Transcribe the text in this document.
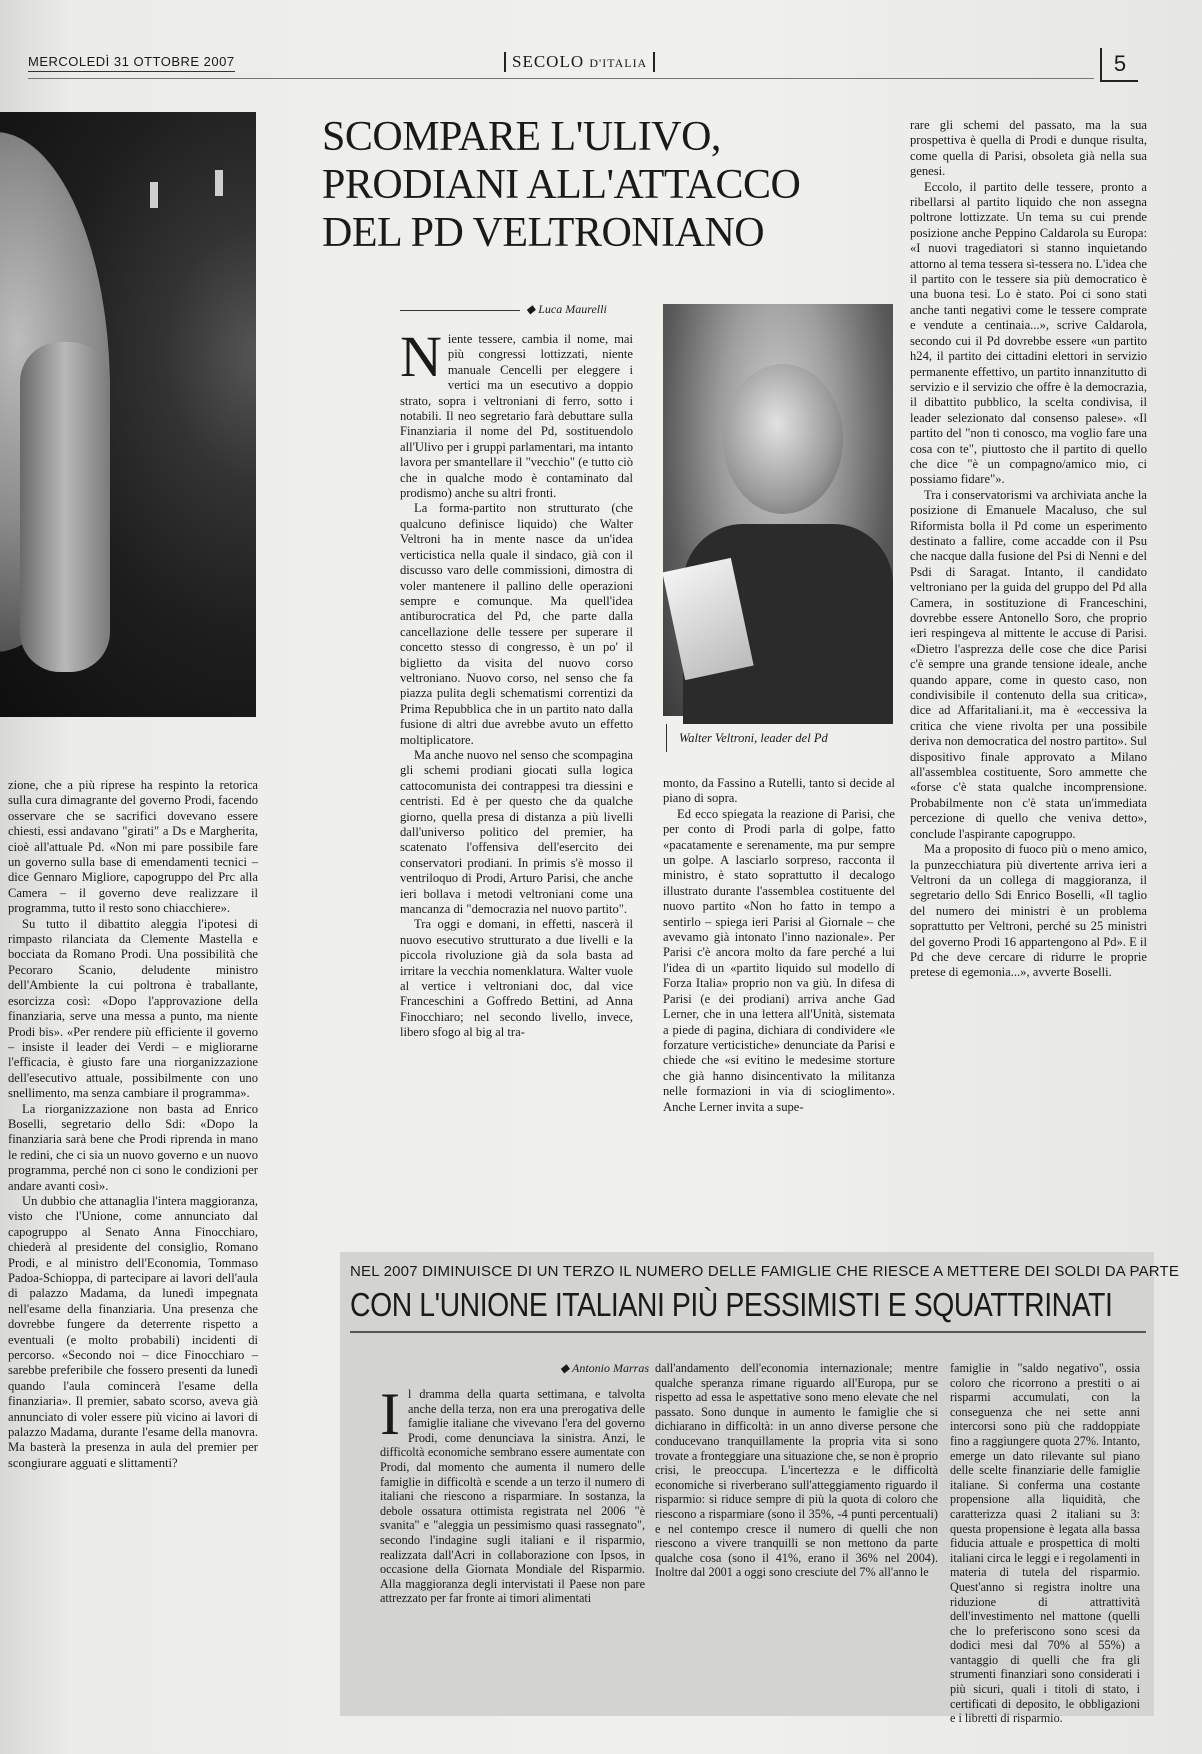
MERCOLEDÌ 31 OTTOBRE 2007	SECOLO D'ITALIA	5
SCOMPARE L'ULIVO,
PRODIANI ALL'ATTACCO
DEL PD VELTRONIANO
◆ Luca Maurelli
N iente tessere, cambia il nome, mai più congressi lottizzati, niente manuale Cencelli per eleggere i vertici ma un esecutivo a doppio strato, sopra i veltroniani di ferro, sotto i notabili. Il neo segretario farà debuttare sulla Finanziaria il nome del Pd, sostituendolo all'Ulivo per i gruppi parlamentari, ma intanto lavora per smantellare il "vecchio" (e tutto ciò che in qualche modo è contaminato dal prodismo) anche su altri fronti.

La forma-partito non strutturato (che qualcuno definisce liquido) che Walter Veltroni ha in mente nasce da un'idea verticistica nella quale il sindaco, già con il discusso varo delle commissioni, dimostra di voler mantenere il pallino delle operazioni sempre e comunque. Ma quell'idea antiburocratica del Pd, che parte dalla cancellazione delle tessere per superare il concetto stesso di congresso, è un po' il biglietto da visita del nuovo corso veltroniano. Nuovo corso, nel senso che fa piazza pulita degli schematismi correntizi da Prima Repubblica che in un partito nato dalla fusione di altri due avrebbe avuto un effetto moltiplicatore.

Ma anche nuovo nel senso che scompagina gli schemi prodiani giocati sulla logica cattocomunista dei contrappesi tra diessini e centristi. Ed è per questo che da qualche giorno, quella presa di distanza a più livelli dall'universo politico del premier, ha scatenato l'offensiva dell'esercito dei conservatori prodiani. In primis s'è mosso il ventriloquo di Prodi, Arturo Parisi, che anche ieri bollava i metodi veltroniani come una mancanza di "democrazia nel nuovo partito".

Tra oggi e domani, in effetti, nascerà il nuovo esecutivo strutturato a due livelli e la piccola rivoluzione già da sola basta ad irritare la vecchia nomenklatura. Walter vuole al vertice i veltroniani doc, dal vice Franceschini a Goffredo Bettini, ad Anna Finocchiaro; nel secondo livello, invece, libero sfogo al big al tra-

Walter Veltroni, leader del Pd

monto, da Fassino a Rutelli, tanto si decide al piano di sopra.

Ed ecco spiegata la reazione di Parisi, che per conto di Prodi parla di golpe, fatto «pacatamente e serenamente, ma pur sempre un golpe. A lasciarlo sorpreso, racconta il ministro, è stato soprattutto il decalogo illustrato durante l'assemblea costituente del nuovo partito «Non ho fatto in tempo a sentirlo – spiega ieri Parisi al Giornale – che avevamo già intonato l'inno nazionale». Per Parisi c'è ancora molto da fare perché a lui l'idea di un «partito liquido sul modello di Forza Italia» proprio non va giù. In difesa di Parisi (e dei prodiani) arriva anche Gad Lerner, che in una lettera all'Unità, sistemata a piede di pagina, dichiara di condividere «le forzature verticistiche» denunciate da Parisi e chiede che «si evitino le medesime storture che già hanno disincentivato la militanza nelle formazioni in via di scioglimento». Anche Lerner invita a supe-

rare gli schemi del passato, ma la sua prospettiva è quella di Prodi e dunque risulta, come quella di Parisi, obsoleta già nella sua genesi.

Eccolo, il partito delle tessere, pronto a ribellarsi al partito liquido che non assegna poltrone lottizzate. Un tema su cui prende posizione anche Peppino Caldarola su Europa: «I nuovi tragediatori si stanno inquietando attorno al tema tessera sì-tessera no. L'idea che il partito con le tessere sia più democratico è una buona tesi. Lo è stato. Poi ci sono stati anche tanti negativi come le tessere comprate e vendute a centinaia...», scrive Caldarola, secondo cui il Pd dovrebbe essere «un partito h24, il partito dei cittadini elettori in servizio permanente effettivo, un partito innanzitutto di servizio e il servizio che offre è la democrazia, il dibattito pubblico, la scelta condivisa, il leader selezionato dal consenso palese». «Il partito del "non ti conosco, ma voglio fare una cosa con te", piuttosto che il partito di quello che dice "è un compagno/amico mio, ci possiamo fidare"».

Tra i conservatorismi va archiviata anche la posizione di Emanuele Macaluso, che sul Riformista bolla il Pd come un esperimento destinato a fallire, come accadde con il Psu che nacque dalla fusione del Psi di Nenni e del Psdi di Saragat. Intanto, il candidato veltroniano per la guida del gruppo del Pd alla Camera, in sostituzione di Franceschini, dovrebbe essere Antonello Soro, che proprio ieri respingeva al mittente le accuse di Parisi. «Dietro l'asprezza delle cose che dice Parisi c'è sempre una grande tensione ideale, anche quando appare, come in questo caso, non condivisibile il contenuto della sua critica», dice ad Affaritaliani.it, ma è «eccessiva la critica che viene rivolta per una possibile deriva non democratica del nostro partito». Sul dispositivo finale approvato a Milano all'assemblea costituente, Soro ammette che «forse c'è stata qualche incomprensione. Probabilmente non c'è stata un'immediata percezione di quello che veniva detto», conclude l'aspirante capogruppo.

Ma a proposito di fuoco più o meno amico, la punzecchiatura più divertente arriva ieri a Veltroni da un collega di maggioranza, il segretario dello Sdi Enrico Boselli, «Il taglio del numero dei ministri è un problema soprattutto per Veltroni, perché su 25 ministri del governo Prodi 16 appartengono al Pd». E il Pd che deve cercare di ridurre le proprie pretese di egemonia...», avverte Boselli.

zione, che a più riprese ha respinto la retorica sulla cura dimagrante del governo Prodi, facendo osservare che se sacrifici dovevano essere chiesti, essi andavano "girati" a Ds e Margherita, cioè all'attuale Pd. «Non mi pare possibile fare un governo sulla base di emendamenti tecnici – dice Gennaro Migliore, capogruppo del Prc alla Camera – il governo deve realizzare il programma, tutto il resto sono chiacchiere».

Su tutto il dibattito aleggia l'ipotesi di rimpasto rilanciata da Clemente Mastella e bocciata da Romano Prodi. Una possibilità che Pecoraro Scanio, deludente ministro dell'Ambiente la cui poltrona è traballante, esorcizza così: «Dopo l'approvazione della finanziaria, serve una messa a punto, ma niente Prodi bis». «Per rendere più efficiente il governo – insiste il leader dei Verdi – e migliorarne l'efficacia, è giusto fare una riorganizzazione dell'esecutivo attuale, possibilmente con uno snellimento, ma senza cambiare il programma».

La riorganizzazione non basta ad Enrico Boselli, segretario dello Sdi: «Dopo la finanziaria sarà bene che Prodi riprenda in mano le redini, che ci sia un nuovo governo e un nuovo programma, perché non ci sono le condizioni per andare avanti così».

Un dubbio che attanaglia l'intera maggioranza, visto che l'Unione, come annunciato dal capogruppo al Senato Anna Finocchiaro, chiederà al presidente del consiglio, Romano Prodi, e al ministro dell'Economia, Tommaso Padoa-Schioppa, di partecipare ai lavori dell'aula di palazzo Madama, da lunedì impegnata nell'esame della finanziaria. Una presenza che dovrebbe fungere da deterrente rispetto a eventuali (e molto probabili) incidenti di percorso. «Secondo noi – dice Finocchiaro – sarebbe preferibile che fossero presenti da lunedì quando l'aula comincerà l'esame della finanziaria». Il premier, sabato scorso, aveva già annunciato di voler essere più vicino ai lavori di palazzo Madama, durante l'esame della manovra. Ma basterà la presenza in aula del premier per scongiurare agguati e slittamenti?

NEL 2007 DIMINUISCE DI UN TERZO IL NUMERO DELLE FAMIGLIE CHE RIESCE A METTERE DEI SOLDI DA PARTE
CON L'UNIONE ITALIANI PIÙ PESSIMISTI E SQUATTRINATI
◆ Antonio Marras
I l dramma della quarta settimana, e talvolta anche della terza, non era una prerogativa delle famiglie italiane che vivevano l'era del governo Prodi, come denunciava la sinistra. Anzi, le difficoltà economiche sembrano essere aumentate con Prodi, dal momento che aumenta il numero delle famiglie in difficoltà e scende a un terzo il numero di italiani che riescono a risparmiare. In sostanza, la debole ossatura ottimista registrata nel 2006 "è svanita" e "aleggia un pessimismo quasi rassegnato", secondo l'indagine sugli italiani e il risparmio, realizzata dall'Acri in collaborazione con Ipsos, in occasione della Giornata Mondiale del Risparmio. Alla maggioranza degli intervistati il Paese non pare attrezzato per far fronte ai timori alimentati

dall'andamento dell'economia internazionale; mentre qualche speranza rimane riguardo all'Europa, pur se rispetto ad essa le aspettative sono meno elevate che nel passato. Sono dunque in aumento le famiglie che si dichiarano in difficoltà: in un anno diverse persone che conducevano tranquillamente la propria vita si sono trovate a fronteggiare una situazione che, se non è proprio crisi, le preoccupa. L'incertezza e le difficoltà economiche si riverberano sull'atteggiamento riguardo il risparmio: si riduce sempre di più la quota di coloro che riescono a risparmiare (sono il 35%, -4 punti percentuali) e nel contempo cresce il numero di quelli che non riescono a vivere tranquilli se non mettono da parte qualche cosa (sono il 41%, erano il 36% nel 2004). Inoltre dal 2001 a oggi sono cresciute del 7% all'anno le

famiglie in "saldo negativo", ossia coloro che ricorrono a prestiti o ai risparmi accumulati, con la conseguenza che nei sette anni intercorsi sono più che raddoppiate fino a raggiungere quota 27%. Intanto, emerge un dato rilevante sul piano delle scelte finanziarie delle famiglie italiane. Si conferma una costante propensione alla liquidità, che caratterizza quasi 2 italiani su 3: questa propensione è legata alla bassa fiducia attuale e prospettica di molti italiani circa le leggi e i regolamenti in materia di tutela del risparmio. Quest'anno si registra inoltre una riduzione di attrattività dell'investimento nel mattone (quelli che lo preferiscono sono scesi da dodici mesi dal 70% al 55%) a vantaggio di quelli che fra gli strumenti finanziari sono considerati i più sicuri, quali i titoli di stato, i certificati di deposito, le obbligazioni e i libretti di risparmio.
